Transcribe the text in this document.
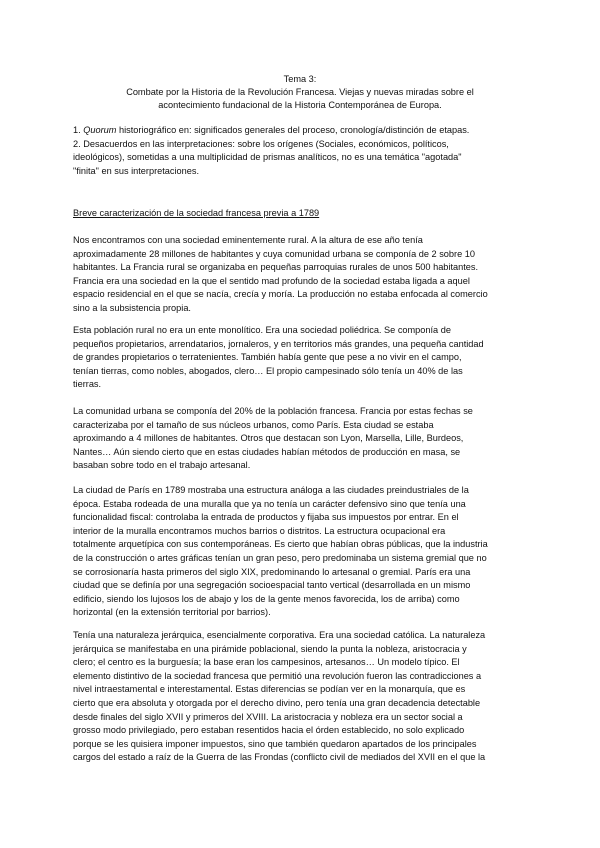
Tema 3:
Combate por la Historia de la Revolución Francesa. Viejas y nuevas miradas sobre el
acontecimiento fundacional de la Historia Contemporánea de Europa.
1. Quorum historiográfico en: significados generales del proceso, cronología/distinción de etapas.
2. Desacuerdos en las interpretaciones: sobre los orígenes (Sociales, económicos, políticos,
ideológicos), sometidas a una multiplicidad de prismas analíticos, no es una temática "agotada"
"finita" en sus interpretaciones.
Breve caracterización de la sociedad francesa previa a 1789
Nos encontramos con una sociedad eminentemente rural. A la altura de ese año tenía
aproximadamente 28 millones de habitantes y cuya comunidad urbana se componía de 2 sobre 10
habitantes. La Francia rural se organizaba en pequeñas parroquias rurales de unos 500 habitantes.
Francia era una sociedad en la que el sentido mad profundo de la sociedad estaba ligada a aquel
espacio residencial en el que se nacía, crecía y moría. La producción no estaba enfocada al comercio
sino a la subsistencia propia.
Esta población rural no era un ente monolítico. Era una sociedad poliédrica. Se componía de
pequeños propietarios, arrendatarios, jornaleros, y en territorios más grandes, una pequeña cantidad
de grandes propietarios o terratenientes. También había gente que pese a no vivir en el campo,
tenían tierras, como nobles, abogados, clero… El propio campesinado sólo tenía un 40% de las
tierras.
La comunidad urbana se componía del 20% de la población francesa. Francia por estas fechas se
caracterizaba por el tamaño de sus núcleos urbanos, como París. Esta ciudad se estaba
aproximando a 4 millones de habitantes. Otros que destacan son Lyon, Marsella, Lille, Burdeos,
Nantes… Aún siendo cierto que en estas ciudades habían métodos de producción en masa, se
basaban sobre todo en el trabajo artesanal.
La ciudad de París en 1789 mostraba una estructura análoga a las ciudades preindustriales de la
época. Estaba rodeada de una muralla que ya no tenía un carácter defensivo sino que tenía una
funcionalidad fiscal: controlaba la entrada de productos y fijaba sus impuestos por entrar. En el
interior de la muralla encontramos muchos barrios o distritos. La estructura ocupacional era
totalmente arquetípica con sus contemporáneas. Es cierto que habían obras públicas, que la industria
de la construcción o artes gráficas tenían un gran peso, pero predominaba un sistema gremial que no
se corrosionaría hasta primeros del siglo XIX, predominando lo artesanal o gremial. París era una
ciudad que se definía por una segregación socioespacial tanto vertical (desarrollada en un mismo
edificio, siendo los lujosos los de abajo y los de la gente menos favorecida, los de arriba) como
horizontal (en la extensión territorial por barrios).
Tenía una naturaleza jerárquica, esencialmente corporativa. Era una sociedad católica. La naturaleza
jerárquica se manifestaba en una pirámide poblacional, siendo la punta la nobleza, aristocracia y
clero; el centro es la burguesía; la base eran los campesinos, artesanos… Un modelo típico. El
elemento distintivo de la sociedad francesa que permitió una revolución fueron las contradicciones a
nivel intraestamental e interestamental. Estas diferencias se podían ver en la monarquía, que es
cierto que era absoluta y otorgada por el derecho divino, pero tenía una gran decadencia detectable
desde finales del siglo XVII y primeros del XVIII. La aristocracia y nobleza era un sector social a
grosso modo privilegiado, pero estaban resentidos hacia el órden establecido, no solo explicado
porque se les quisiera imponer impuestos, sino que también quedaron apartados de los principales
cargos del estado a raíz de la Guerra de las Frondas (conflicto civil de mediados del XVII en el que la
